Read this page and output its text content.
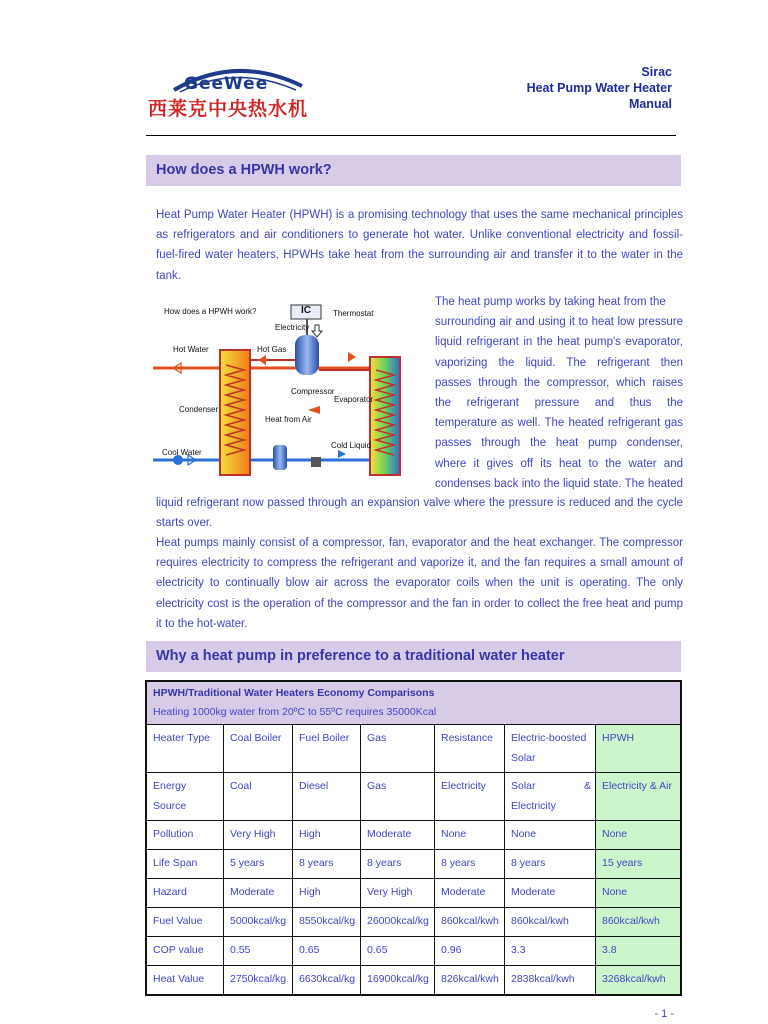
GeeWee
西莱克中央热水机
Sirac
Heat Pump Water Heater
Manual
How does a HPWH work?
Heat Pump Water Heater (HPWH) is a promising technology that uses the same mechanical principles as refrigerators and air conditioners to generate hot water. Unlike conventional electricity and fossil-fuel-fired water heaters, HPWHs take heat from the surrounding air and transfer it to the water in the tank.
How does a HPWH work?	IC	Thermostat
Electricity
Hot Water	Hot Gas
Compressor
Evaporator
Condenser
Heat from Air
Cold Liquid
Cool Water
The heat pump works by taking heat from the
surrounding air and using it to heat low pressure
liquid refrigerant in the heat pump's evaporator,
vaporizing the liquid. The refrigerant then
passes through the compressor, which raises
the refrigerant pressure and thus the
temperature as well. The heated refrigerant gas
passes through the heat pump condenser,
where it gives off its heat to the water and
condenses back into the liquid state. The heated
liquid refrigerant now passed through an expansion valve where the pressure is reduced and the cycle starts over.
Heat pumps mainly consist of a compressor, fan, evaporator and the heat exchanger. The compressor requires electricity to compress the refrigerant and vaporize it, and the fan requires a small amount of electricity to continually blow air across the evaporator coils when the unit is operating. The only electricity cost is the operation of the compressor and the fan in order to collect the free heat and pump it to the hot-water.
Why a heat pump in preference to a traditional water heater
HPWH/Traditional Water Heaters Economy Comparisons
Heating 1000kg water from 20ºC to 55ºC requires 35000Kcal						

Heater Type	Coal Boiler	Fuel Boiler	Gas	Resistance	Electric-boosted Solar	HPWH
Energy Source	Coal	Diesel	Gas	Electricity	Solar & Electricity	Electricity & Air
Pollution	Very High	High	Moderate	None	None	None
Life Span	5 years	8 years	8 years	8 years	8 years	15 years
Hazard	Moderate	High	Very High	Moderate	Moderate	None
Fuel Value	5000kcal/kg	8550kcal/kg	26000kcal/kg	860kcal/kwh	860kcal/kwh	860kcal/kwh
COP value	0.55	0.65	0.65	0.96	3.3	3.8
Heat Value	2750kcal/kg	6630kcal/kg	16900kcal/kg	826kcal/kwh	2838kcal/kwh	3268kcal/kwh
- 1 -
